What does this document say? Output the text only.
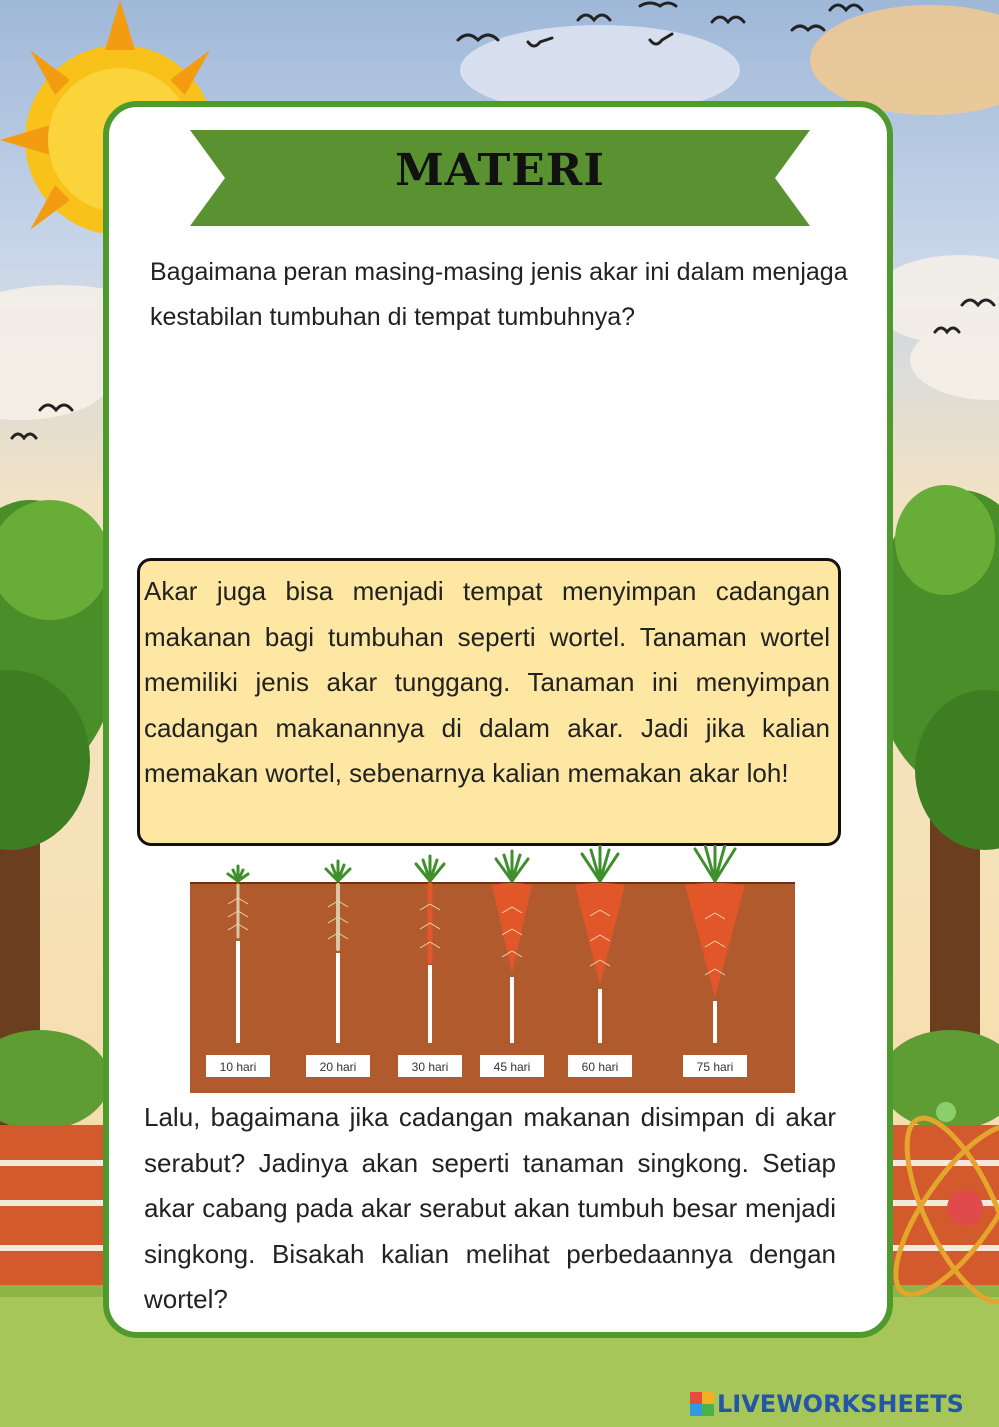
MATERI
Bagaimana peran masing-masing jenis akar ini dalam menjaga kestabilan tumbuhan di tempat tumbuhnya?

Akar juga bisa menjadi tempat menyimpan cadangan makanan bagi tumbuhan seperti wortel. Tanaman wortel memiliki jenis akar tunggang. Tanaman ini menyimpan cadangan makanannya di dalam akar. Jadi jika kalian memakan wortel, sebenarnya kalian memakan akar loh!

10 hari	20 hari	30 hari	45 hari	60 hari	75 hari

Lalu, bagaimana jika cadangan makanan disimpan di akar serabut? Jadinya akan seperti tanaman singkong. Setiap akar cabang pada akar serabut akan tumbuh besar menjadi singkong. Bisakah kalian melihat perbedaannya dengan wortel?

LIVEWORKSHEETS
